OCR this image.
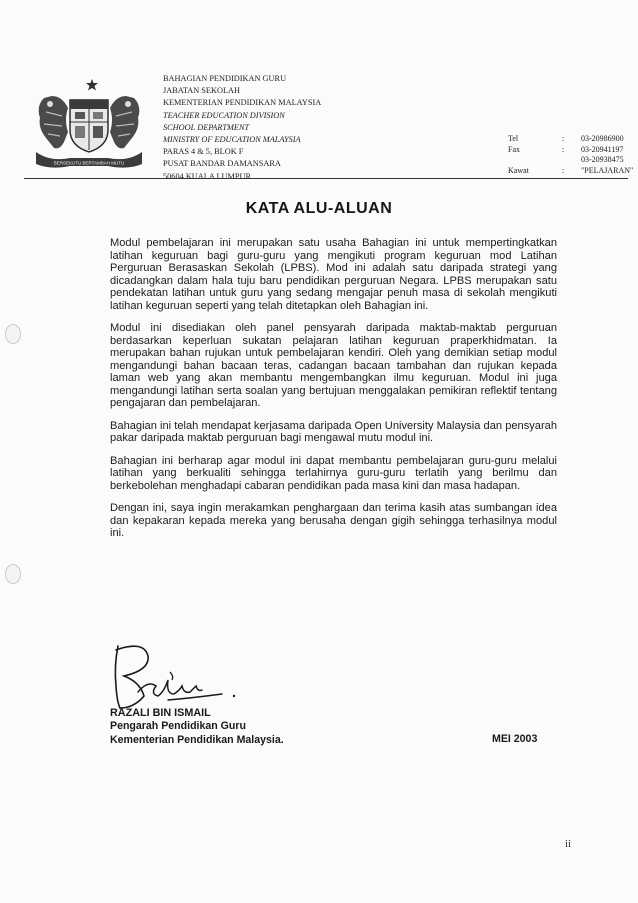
BERSEKUTU BERTAMBAH MUTU
BAHAGIAN PENDIDIKAN GURU
JABATAN SEKOLAH
KEMENTERIAN PENDIDIKAN MALAYSIA
TEACHER EDUCATION DIVISION
SCHOOL DEPARTMENT
MINISTRY OF EDUCATION MALAYSIA
PARAS 4 & 5, BLOK F
PUSAT BANDAR DAMANSARA
50604 KUALA LUMPUR
Tel	: 03-20986900
Fax	: 03-20941197
03-20938475
Kawat	: "PELAJARAN"
KATA ALU-ALUAN

Modul pembelajaran ini merupakan satu usaha Bahagian ini untuk mempertingkatkan latihan keguruan bagi guru-guru yang mengikuti program keguruan mod Latihan Perguruan Berasaskan Sekolah (LPBS). Mod ini adalah satu daripada strategi yang dicadangkan dalam hala tuju baru pendidikan perguruan Negara. LPBS merupakan satu pendekatan latihan untuk guru yang sedang mengajar penuh masa di sekolah mengikuti latihan keguruan seperti yang telah ditetapkan oleh Bahagian ini.

Modul ini disediakan oleh panel pensyarah daripada maktab-maktab perguruan berdasarkan keperluan sukatan pelajaran latihan keguruan praperkhidmatan. Ia merupakan bahan rujukan untuk pembelajaran kendiri. Oleh yang demikian setiap modul mengandungi bahan bacaan teras, cadangan bacaan tambahan dan rujukan kepada laman web yang akan membantu mengembangkan ilmu keguruan. Modul ini juga mengandungi latihan serta soalan yang bertujuan menggalakan pemikiran reflektif tentang pengajaran dan pembelajaran.

Bahagian ini telah mendapat kerjasama daripada Open University Malaysia dan pensyarah pakar daripada maktab perguruan bagi mengawal mutu modul ini.

Bahagian ini berharap agar modul ini dapat membantu pembelajaran guru-guru melalui latihan yang berkualiti sehingga terlahirnya guru-guru terlatih yang berilmu dan berkebolehan menghadapi cabaran pendidikan pada masa kini dan masa hadapan.

Dengan ini, saya ingin merakamkan penghargaan dan terima kasih atas sumbangan idea dan kepakaran kepada mereka yang berusaha dengan gigih sehingga terhasilnya modul ini.

RAZALI BIN ISMAIL
Pengarah Pendidikan Guru
Kementerian Pendidikan Malaysia.	MEI 2003
ii
